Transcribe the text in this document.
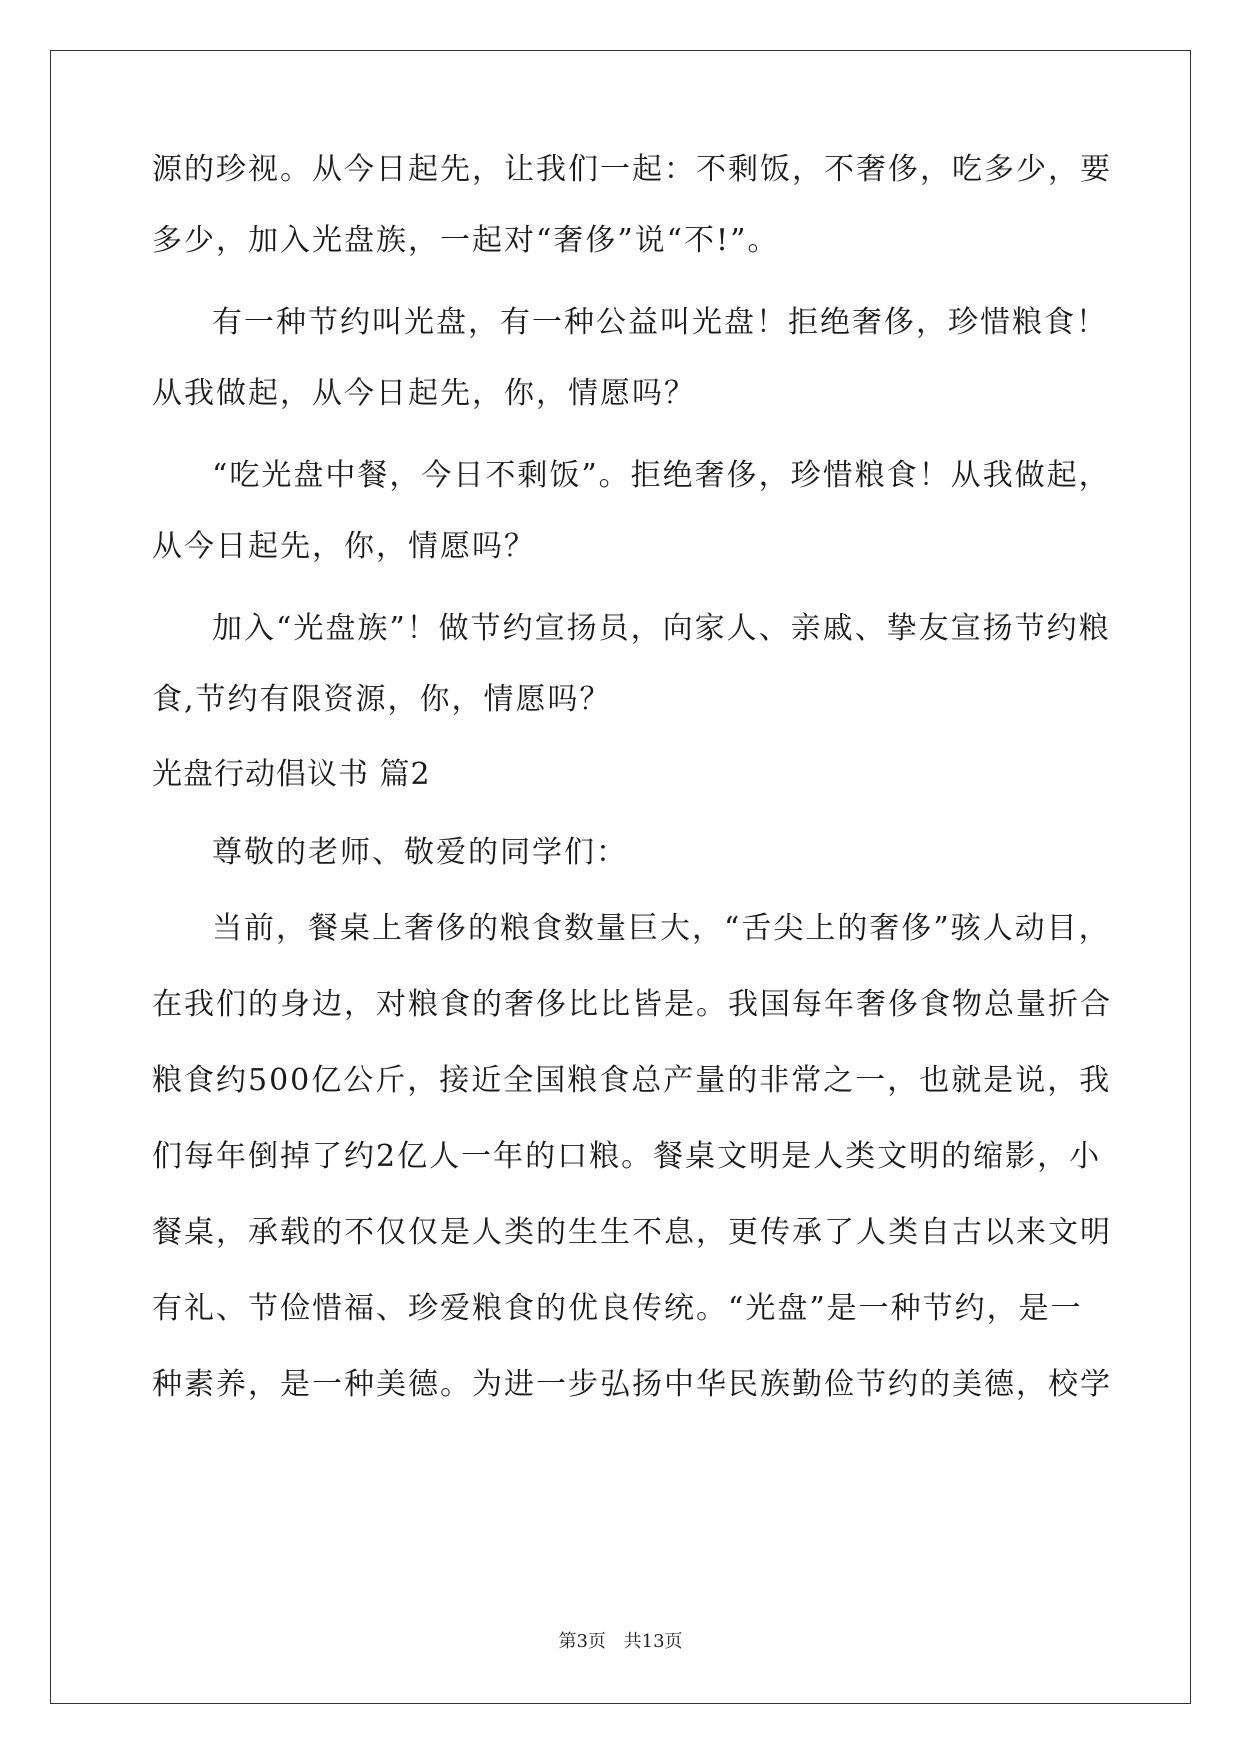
源的珍视。从今日起先，让我们一起：不剩饭，不奢侈，吃多少，要
多少，加入光盘族，一起对“奢侈”说“不!”。
有一种节约叫光盘，有一种公益叫光盘！拒绝奢侈，珍惜粮食！
从我做起，从今日起先，你，情愿吗？
“吃光盘中餐，今日不剩饭”。拒绝奢侈，珍惜粮食！从我做起，
从今日起先，你，情愿吗？
加入“光盘族”！做节约宣扬员，向家人、亲戚、挚友宣扬节约粮
食,节约有限资源，你，情愿吗？
光盘行动倡议书 篇2
尊敬的老师、敬爱的同学们：
当前，餐桌上奢侈的粮食数量巨大，“舌尖上的奢侈”骇人动目，
在我们的身边，对粮食的奢侈比比皆是。我国每年奢侈食物总量折合
粮食约500亿公斤，接近全国粮食总产量的非常之一，也就是说，我
们每年倒掉了约2亿人一年的口粮。餐桌文明是人类文明的缩影，小
餐桌，承载的不仅仅是人类的生生不息，更传承了人类自古以来文明
有礼、节俭惜福、珍爱粮食的优良传统。“光盘”是一种节约，是一
种素养，是一种美德。为进一步弘扬中华民族勤俭节约的美德，校学
第3页 共13页
